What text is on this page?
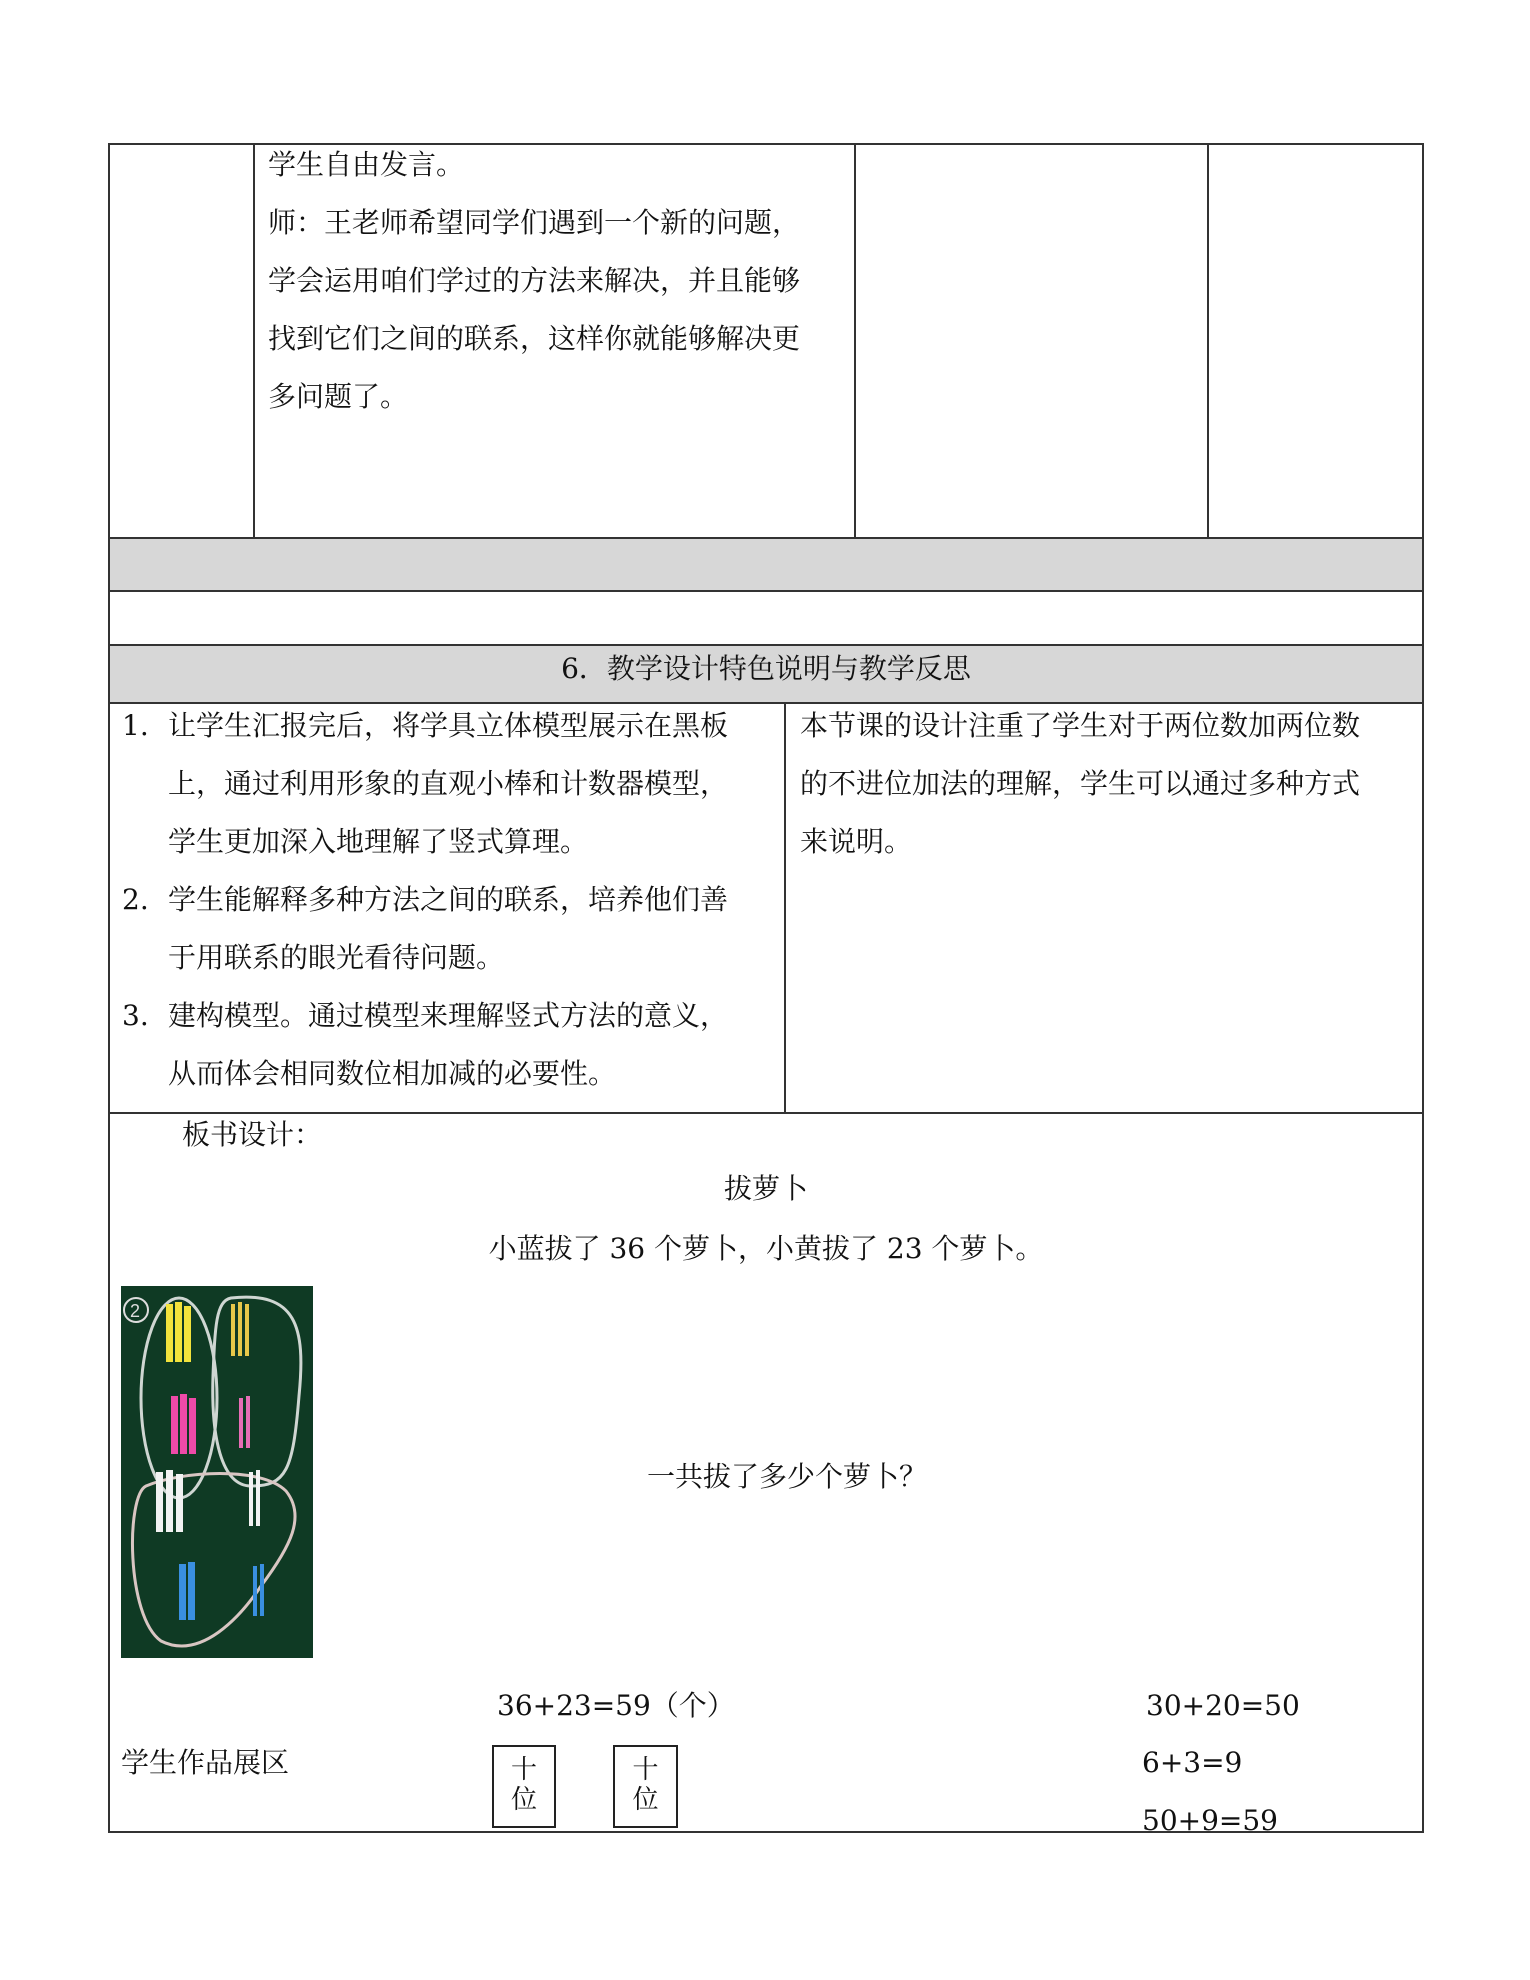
学生自由发言。
师：王老师希望同学们遇到一个新的问题，
学会运用咱们学过的方法来解决，并且能够
找到它们之间的联系，这样你就能够解决更
多问题了。
6．教学设计特色说明与教学反思
1. 让学生汇报完后，将学具立体模型展示在黑板
上，通过利用形象的直观小棒和计数器模型，
学生更加深入地理解了竖式算理。
2. 学生能解释多种方法之间的联系，培养他们善
于用联系的眼光看待问题。
3. 建构模型。通过模型来理解竖式方法的意义，
从而体会相同数位相加减的必要性。
本节课的设计注重了学生对于两位数加两位数
的不进位加法的理解，学生可以通过多种方式
来说明。
板书设计：
拔萝卜
小蓝拔了 36 个萝卜，小黄拔了 23 个萝卜。
2
一共拔了多少个萝卜？
36+23=59（个）	30+20=50
6+3=9
50+9=59
学生作品展区	十
位
十
位
